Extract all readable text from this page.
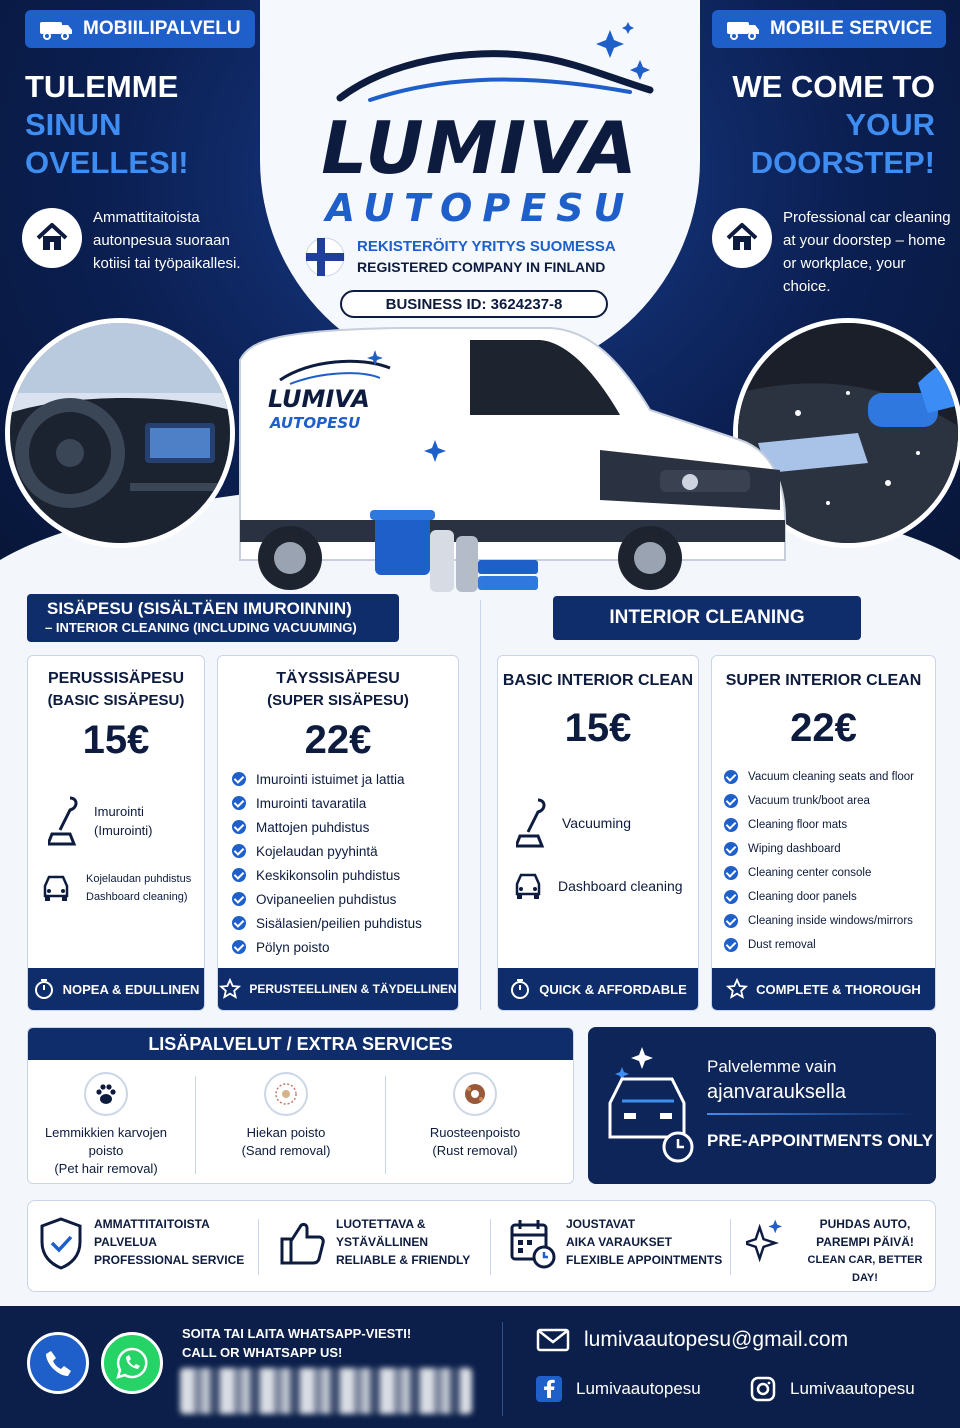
MOBIILIPALVELU	MOBILE SERVICE
TULEMME
SINUN
OVELLESI!
WE COME TO
YOUR
DOORSTEP!
Ammattitaitoista autonpesua suoraan kotiisi tai työpaikallesi.
Professional car cleaning at your doorstep – home or workplace, your choice.
LUMIVA
AUTOPESU
REKISTERÖITY YRITYS SUOMESSA
REGISTERED COMPANY IN FINLAND
BUSINESS ID: 3624237-8
LUMIVA
AUTOPESU
SISÄPESU (SISÄLTÄEN IMUROINNIN)
– INTERIOR CLEANING (INCLUDING VACUUMING)	INTERIOR CLEANING
PERUSSISÄPESU
(BASIC SISÄPESU)
15€
Imurointi
(Imurointi)
Kojelaudan puhdistus
Dashboard cleaning)
NOPEA & EDULLINEN
TÄYSSISÄPESU
(SUPER SISÄPESU)
22€
Imurointi istuimet ja lattia
Imurointi tavaratila
Mattojen puhdistus
Kojelaudan pyyhintä
Keskikonsolin puhdistus
Ovipaneelien puhdistus
Sisälasien/peilien puhdistus
Pölyn poisto
PERUSTEELLINEN & TÄYDELLINEN
BASIC INTERIOR CLEAN
15€
Vacuuming
Dashboard cleaning
QUICK & AFFORDABLE
SUPER INTERIOR CLEAN
22€
Vacuum cleaning seats and floor
Vacuum trunk/boot area
Cleaning floor mats
Wiping dashboard
Cleaning center console
Cleaning door panels
Cleaning inside windows/mirrors
Dust removal
COMPLETE & THOROUGH
LISÄPALVELUT / EXTRA SERVICES
Lemmikkien karvojen poisto
(Pet hair removal)
Hiekan poisto
(Sand removal)
Ruosteenpoisto
(Rust removal)
Palvelemme vain
ajanvarauksella
PRE-APPOINTMENTS ONLY
AMMATTITAITOISTA
PALVELUA
PROFESSIONAL SERVICE
LUOTETTAVA &
YSTÄVÄLLINEN
RELIABLE & FRIENDLY
JOUSTAVAT
AIKA VARAUKSET
FLEXIBLE APPOINTMENTS
PUHDAS AUTO,
PAREMPI PÄIVÄ!
CLEAN CAR, BETTER DAY!
SOITA TAI LAITA WHATSAPP-VIESTI!
CALL OR WHATSAPP US!
lumivaautopesu@gmail.com
Lumivaautopesu	Lumivaautopesu
